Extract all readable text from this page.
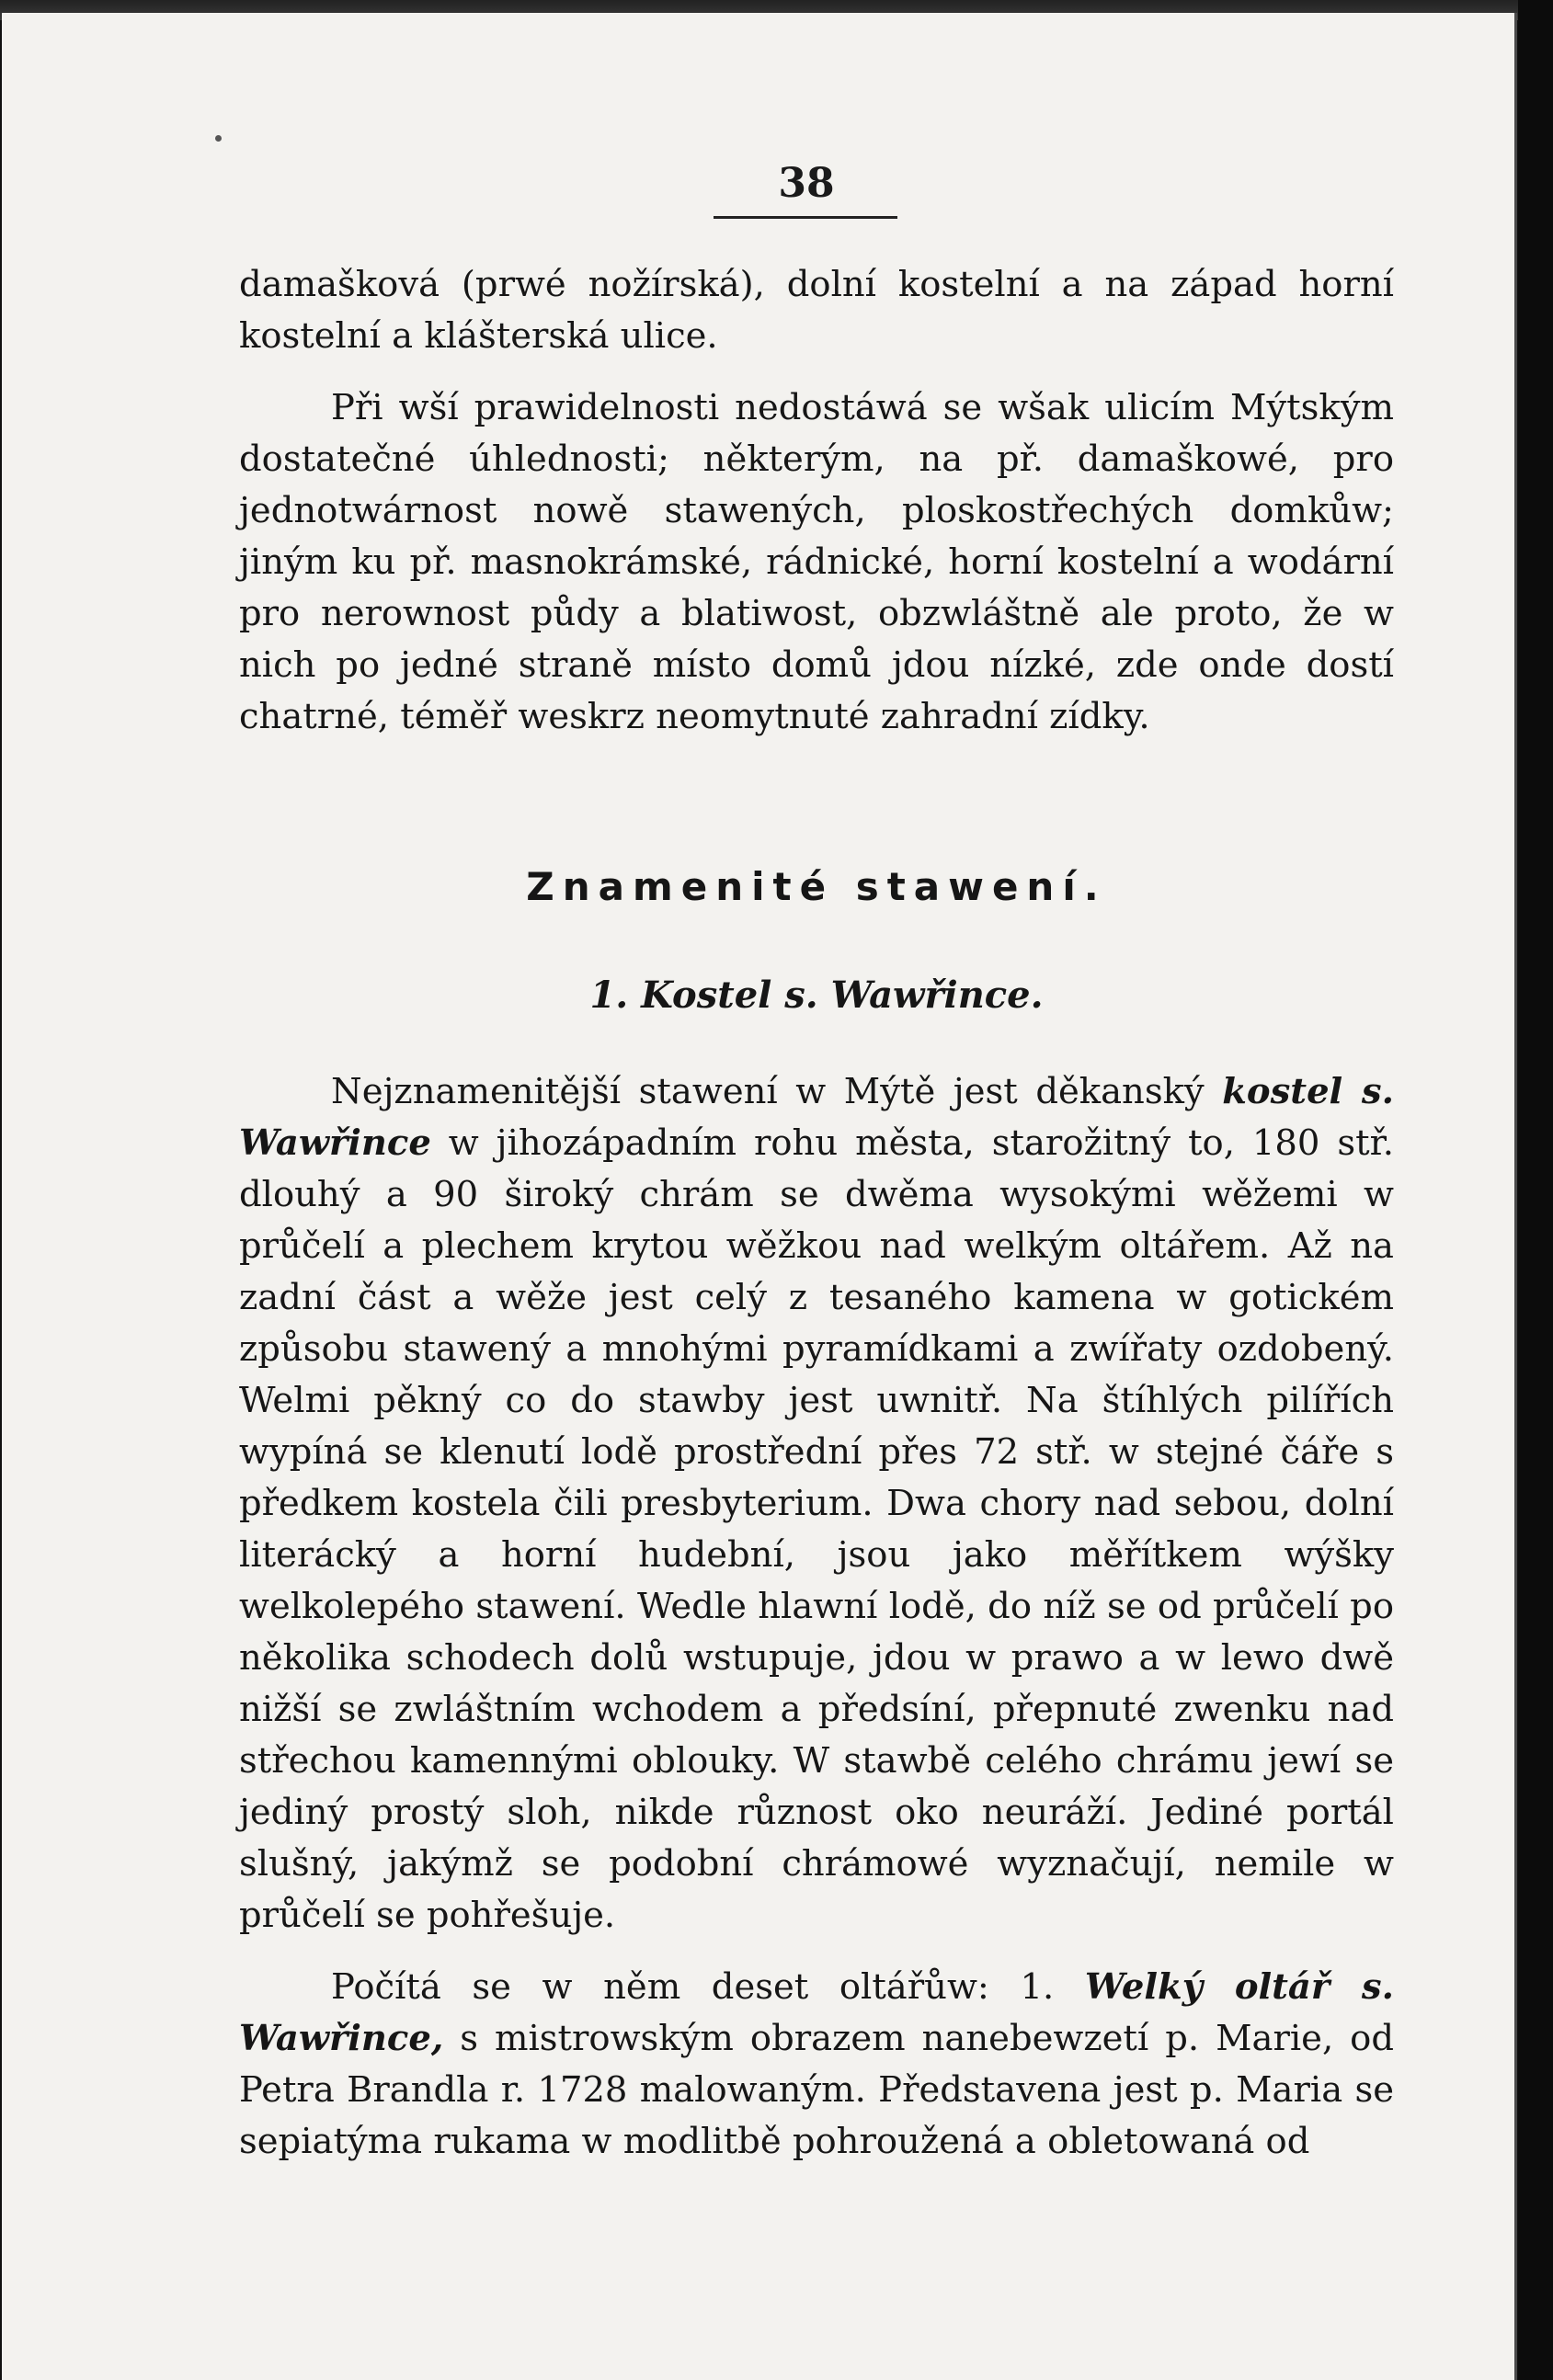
38

damašková (prwé nožírská), dolní kostelní a na západ horní kostelní a klášterská ulice.

Při wší prawidelnosti nedostáwá se wšak ulicím Mýtským dostatečné úhlednosti; některým, na př. damaškowé, pro jednotwárnost nowě stawených, ploskostřechých domkůw; jiným ku př. masnokrámské, rádnické, horní kostelní a wodární pro nerownost půdy a blatiwost, obzwláštně ale proto, že w nich po jedné straně místo domů jdou nízké, zde onde dostí chatrné, téměř weskrz neomytnuté zahradní zídky.

Znamenité stawení.
1. Kostel s. Wawřince.

Nejznamenitější stawení w Mýtě jest děkanský kostel s. Wawřince w jihozápadním rohu města, starožitný to, 180 stř. dlouhý a 90 široký chrám se dwěma wysokými wěžemi w průčelí a plechem krytou wěžkou nad welkým oltářem. Až na zadní část a wěže jest celý z tesaného kamena w gotickém způsobu stawený a mnohými pyramídkami a zwířaty ozdobený. Welmi pěkný co do stawby jest uwnitř. Na štíhlých pilířích wypíná se klenutí lodě prostřední přes 72 stř. w stejné čáře s předkem kostela čili presbyterium. Dwa chory nad sebou, dolní literácký a horní hudební, jsou jako měřítkem wýšky welkolepého stawení. Wedle hlawní lodě, do níž se od průčelí po několika schodech dolů wstupuje, jdou w prawo a w lewo dwě nižší se zwláštním wchodem a předsíní, přepnuté zwenku nad střechou kamennými oblouky. W stawbě celého chrámu jewí se jediný prostý sloh, nikde různost oko neuráží. Jediné portál slušný, jakýmž se podobní chrámowé wyznačují, nemile w průčelí se pohřešuje.

Počítá se w něm deset oltářůw: 1. Welký oltář s. Wawřince, s mistrowským obrazem nanebewzetí p. Marie, od Petra Brandla r. 1728 malowaným. Představena jest p. Maria se sepiatýma rukama w modlitbě pohroužená a obletowaná od
